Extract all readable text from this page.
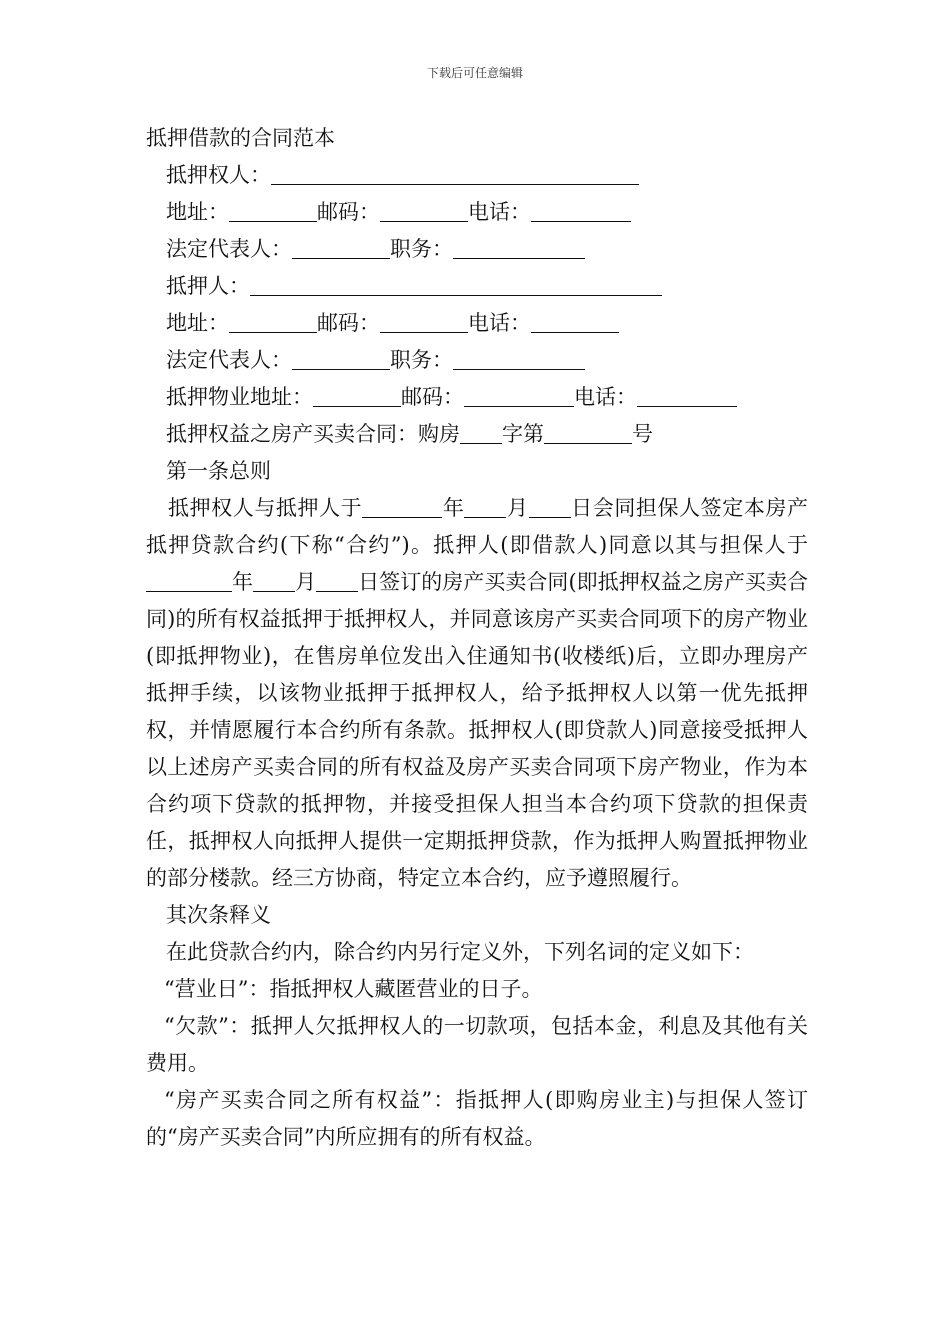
下载后可任意编辑
抵押借款的合同范本
抵押权人：
地址：	邮码：	电话：
法定代表人：	职务：
抵押人：
地址：	邮码：	电话：
法定代表人：	职务：
抵押物业地址：	邮码：	电话：
抵押权益之房产买卖合同：购房 字第	号
第一条总则
抵押权人与抵押人于	年 月 日会同担保人签定本房产抵押贷款合约(下称“合约”)。抵押人(即借款人)同意以其与担保人于年 月 日签订的房产买卖合同(即抵押权益之房产买卖合同)的所有权益抵押于抵押权人，并同意该房产买卖合同项下的房产物业(即抵押物业)，在售房单位发出入住通知书(收楼纸)后，立即办理房产抵押手续，以该物业抵押于抵押权人，给予抵押权人以第一优先抵押权，并情愿履行本合约所有条款。抵押权人(即贷款人)同意接受抵押人以上述房产买卖合同的所有权益及房产买卖合同项下房产物业，作为本合约项下贷款的抵押物，并接受担保人担当本合约项下贷款的担保责任，抵押权人向抵押人提供一定期抵押贷款，作为抵押人购置抵押物业的部分楼款。经三方协商，特定立本合约，应予遵照履行。
其次条释义
在此贷款合约内，除合约内另行定义外，下列名词的定义如下：
“营业日”：指抵押权人藏匿营业的日子。
“欠款”：抵押人欠抵押权人的一切款项，包括本金，利息及其他有关费用。
“房产买卖合同之所有权益”：指抵押人(即购房业主)与担保人签订的“房产买卖合同”内所应拥有的所有权益。
